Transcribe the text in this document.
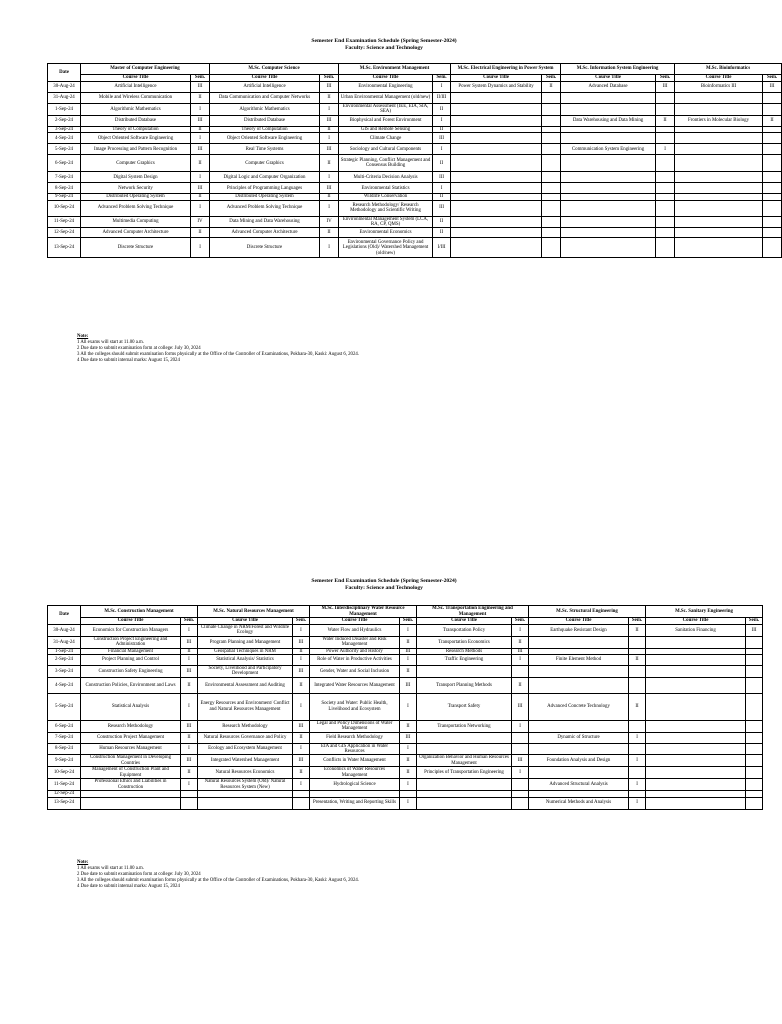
Semester End Examination Schedule (Spring Semester-2024)
Faculty: Science and Technology
Date	Master of Computer Engineering		M.Sc. Computer Science		M.Sc. Environment Management		M.Sc. Electrical Engineering in Power System		M.Sc. Information System Engineering		M.Sc. Bioinformatics	
	Course Title	Sem.	Course Title	Sem.	Course Title	Sem.	Course Title	Sem.	Course Title	Sem.	Course Title	Sem.
30-Aug-24	Artificial Intelligence	III	Artificial Intelligence	III	Environmental Engineering	I	Power System Dynamics and Stability	II	Advanced Database	III	Bioinformatics III	III
31-Aug-24	Mobile and Wireless Communication	II	Data Communication and Computer Networks	II	Urban Environmental Management (old/new)	II/III						
1-Sep-24	Algorithmic Mathematics	I	Algorithmic Mathematics	I	Environmental Assessment (IEE, EIA, SIA, SEA)	II						
2-Sep-24	Distributed Database	III	Distributed Database	III	Biophysical and Forest Environment	I			Data Warehousing and Data Mining	II	Frontiers in Molecular Biology	II
3-Sep-24	Theory of Computation	II	Theory of Computation	II	GIS and Remote Sensing	II						
4-Sep-24	Object Oriented Software Engineering	I	Object Oriented Software Engineering	I	Climate Change	III						
5-Sep-24	Image Processing and Pattern Recognition	III	Real Time Systems	III	Sociology and Cultural Components	I			Communication System Engineering	I		
6-Sep-24	Computer Graphics	II	Computer Graphics	II	Strategic Planning, Conflict Management and Consensus Building	II						
7-Sep-24	Digital System Design	I	Digital Logic and Computer Organization	I	Multi-Criteria Decision Analysis	III						
8-Sep-24	Network Security	III	Principles of Programming Languages	III	Environmental Statistics	I						
9-Sep-24	Distributed Operating System	II	Distributed Operating System	II	Wildlife Conservation	II						
10-Sep-24	Advanced Problem Solving Technique	I	Advanced Problem Solving Technique	I	Research Methodology/ Research Methodology and Scientific Writing	III						
11-Sep-24	Multimedia Computing	IV	Data Mining and Data Warehousing	IV	Environmental Management System (LCA, RA, CP, QMS)	II						
12-Sep-24	Advanced Computer Architecture	II	Advanced Computer Architecture	II	Environmental Economics	II						
13-Sep-24	Discrete Structure	I	Discrete Structure	I	Environmental Governance Policy and Legislations (Old)/ Watershed Management (old/new)	I/III						
Note:
1 All exams will start at 11.00 a.m.
2 Due date to submit examination form at college: July 30, 2024
3 All the colleges should submit examination forms physically at the Office of the Controller of Examinations, Pokhara-30, Kaski: August 6, 2024.
4 Due date to submit internal marks: August 15, 2024
Semester End Examination Schedule (Spring Semester-2024)
Faculty: Science and Technology
Date	M.Sc. Construction Management		M.Sc. Natural Resources Management		M.Sc. Interdisciplinary Water Resource Management		M.Sc. Transportation Engineering and Management		M.Sc. Structural Engineering		M.Sc. Sanitary Engineering	
	Course Title	Sem.	Course Title	Sem.	Course Title	Sem.	Course Title	Sem.	Course Title	Sem.	Course Title	Sem.
30-Aug-24	Economics for Construction Managers	I	Climate Change in NRM/Forest and Wildlife Ecology	I	Water Flow and Hydraulics	I	Transportation Policy	I	Earthquake Resistant Design	II	Sanitation Financing	III
31-Aug-24	Construction Project Engineering and Administration	III	Program Planning and Management	III	Water Induced Disaster and Risk Management	II	Transportation Economics	II				
1-Sep-24	Financial Management	II	Geospatial Techniques in NRM	II	Power Authority and History	III	Research Methods	III				
2-Sep-24	Project Planning and Control	I	Statistical Analysis/ Statistics	I	Role of Water in Productive Activities	I	Traffic Engineering	I	Finite Element Method	II		
3-Sep-24	Construction Safety Engineering	III	Society, Livelihood and Participatory Development	III	Gender, Water and Social Inclusion	II						
4-Sep-24	Construction Policies, Environment and Laws	II	Environmental Assessment and Auditing	II	Integrated Water Resources Management	III	Transport Planning Methods	II				
5-Sep-24	Statistical Analysis	I	Energy Resources and Environment/ Conflict and Natural Resources Management	I	Society and Water: Public Health, Livelihood and Ecosystem	I	Transport Safety	III	Advanced Concrete Technology	II		
6-Sep-24	Research Methodology	III	Research Methodology	III	Legal and Policy Dimensions of Water Management	II	Transportation Networking	I				
7-Sep-24	Construction Project Management	II	Natural Resources Governance and Policy	II	Field Research Methodology	III			Dynamic of Structure	I		
8-Sep-24	Human Resources Management	I	Ecology and Ecosystem Management	I	EIA and GIS Application in Water Resources	I						
9-Sep-24	Construction Management in Developing Countries	III	Integrated Watershed Management	III	Conflicts in Water Management	II	Organization Behavior and Human Resources Management	III	Foundation Analysis and Design	I		
10-Sep-24	Management of Construction Plant and Equipment	II	Natural Resources Economics	II	Economics of Water Resources Management	II	Principles of Transportation Engineering	I				
11-Sep-24	Professional Ethics and Liabilities in Construction	I	Natural Resources System (Old)/ Natural Resources System (New)	I	Hydrological Science	I			Advanced Structural Analysis	I		
12-Sep-24												
13-Sep-24					Presentation, Writing and Reporting Skills	I			Numerical Methods and Analysis	I		
Note:
1 All exams will start at 11.00 a.m.
2 Due date to submit examination form at college: July 30, 2024
3 All the colleges should submit examination forms physically at the Office of the Controller of Examinations, Pokhara-30, Kaski: August 6, 2024.
4 Due date to submit internal marks: August 15, 2024
